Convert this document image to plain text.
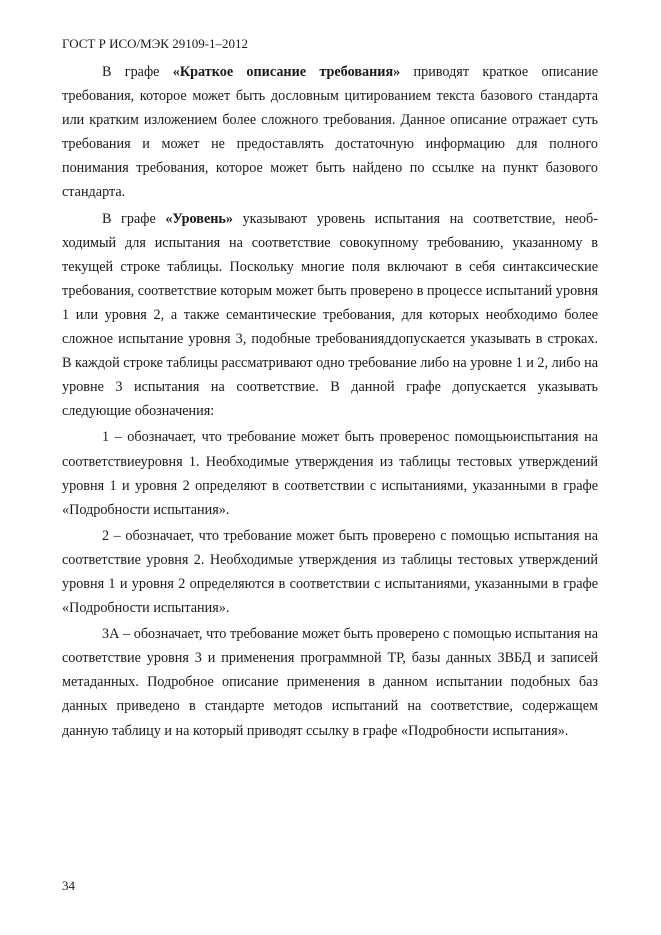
ГОСТ Р ИСО/МЭК 29109-1–2012

В графе «Краткое описание требования» приводят краткое описание требования, которое может быть дословным цитированием текста базового стандарта или кратким изложением более сложного требования. Данное описание отражает суть требования и может не предоставлять достаточную информацию для полного понимания требования, которое может быть найдено по ссылке на пункт базового стандарта.

В графе «Уровень» указывают уровень испытания на соответствие, необходимый для испытания на соответствие совокупному требованию, указанному в текущей строке таблицы. Поскольку многие поля включают в себя синтаксические требования, соответствие которым может быть проверено в процессе испытаний уровня 1 или уровня 2, а также семантические требования, для которых необходимо более сложное испытание уровня 3, подобные требованияддопускается указывать в строках. В каждой строке таблицы рассматривают одно требование либо на уровне 1 и 2, либо на уровне 3 испытания на соответствие. В данной графе допускается указывать следующие обозначения:

1 – обозначает, что требование может быть проверенос помощьюиспытания на соответствиеуровня 1. Необходимые утверждения из таблицы тестовых утверждений уровня 1 и уровня 2 определяют в соответствии с испытаниями, указанными в графе «Подробности испытания».

2 – обозначает, что требование может быть проверено с помощью испытания на соответствие уровня 2. Необходимые утверждения из таблицы тестовых утверждений уровня 1 и уровня 2 определяются в соответствии с испытаниями, указанными в графе «Подробности испытания».

3А – обозначает, что требование может быть проверено с помощью испытания на соответствие уровня 3 и применения программной ТР, базы данных ЗВБД и записей метаданных. Подробное описание применения в данном испытании подобных баз данных приведено в стандарте методов испытаний на соответствие, содержащем данную таблицу и на который приводят ссылку в графе «Подробности испытания».

34
